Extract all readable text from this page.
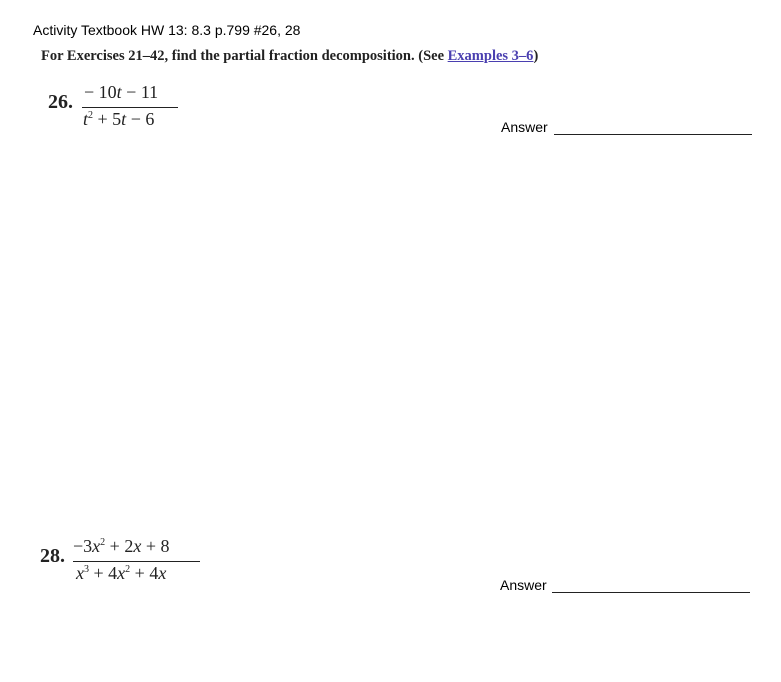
Activity Textbook HW 13: 8.3 p.799 #26, 28
For Exercises 21–42, find the partial fraction decomposition. (See Examples 3–6)
26. − 10t − 11
$t^2 + 5t - 6$	Answer
28. $-3x^2 + 2x + 8$
$x^3 + 4x^2 + 4x$
Answer
